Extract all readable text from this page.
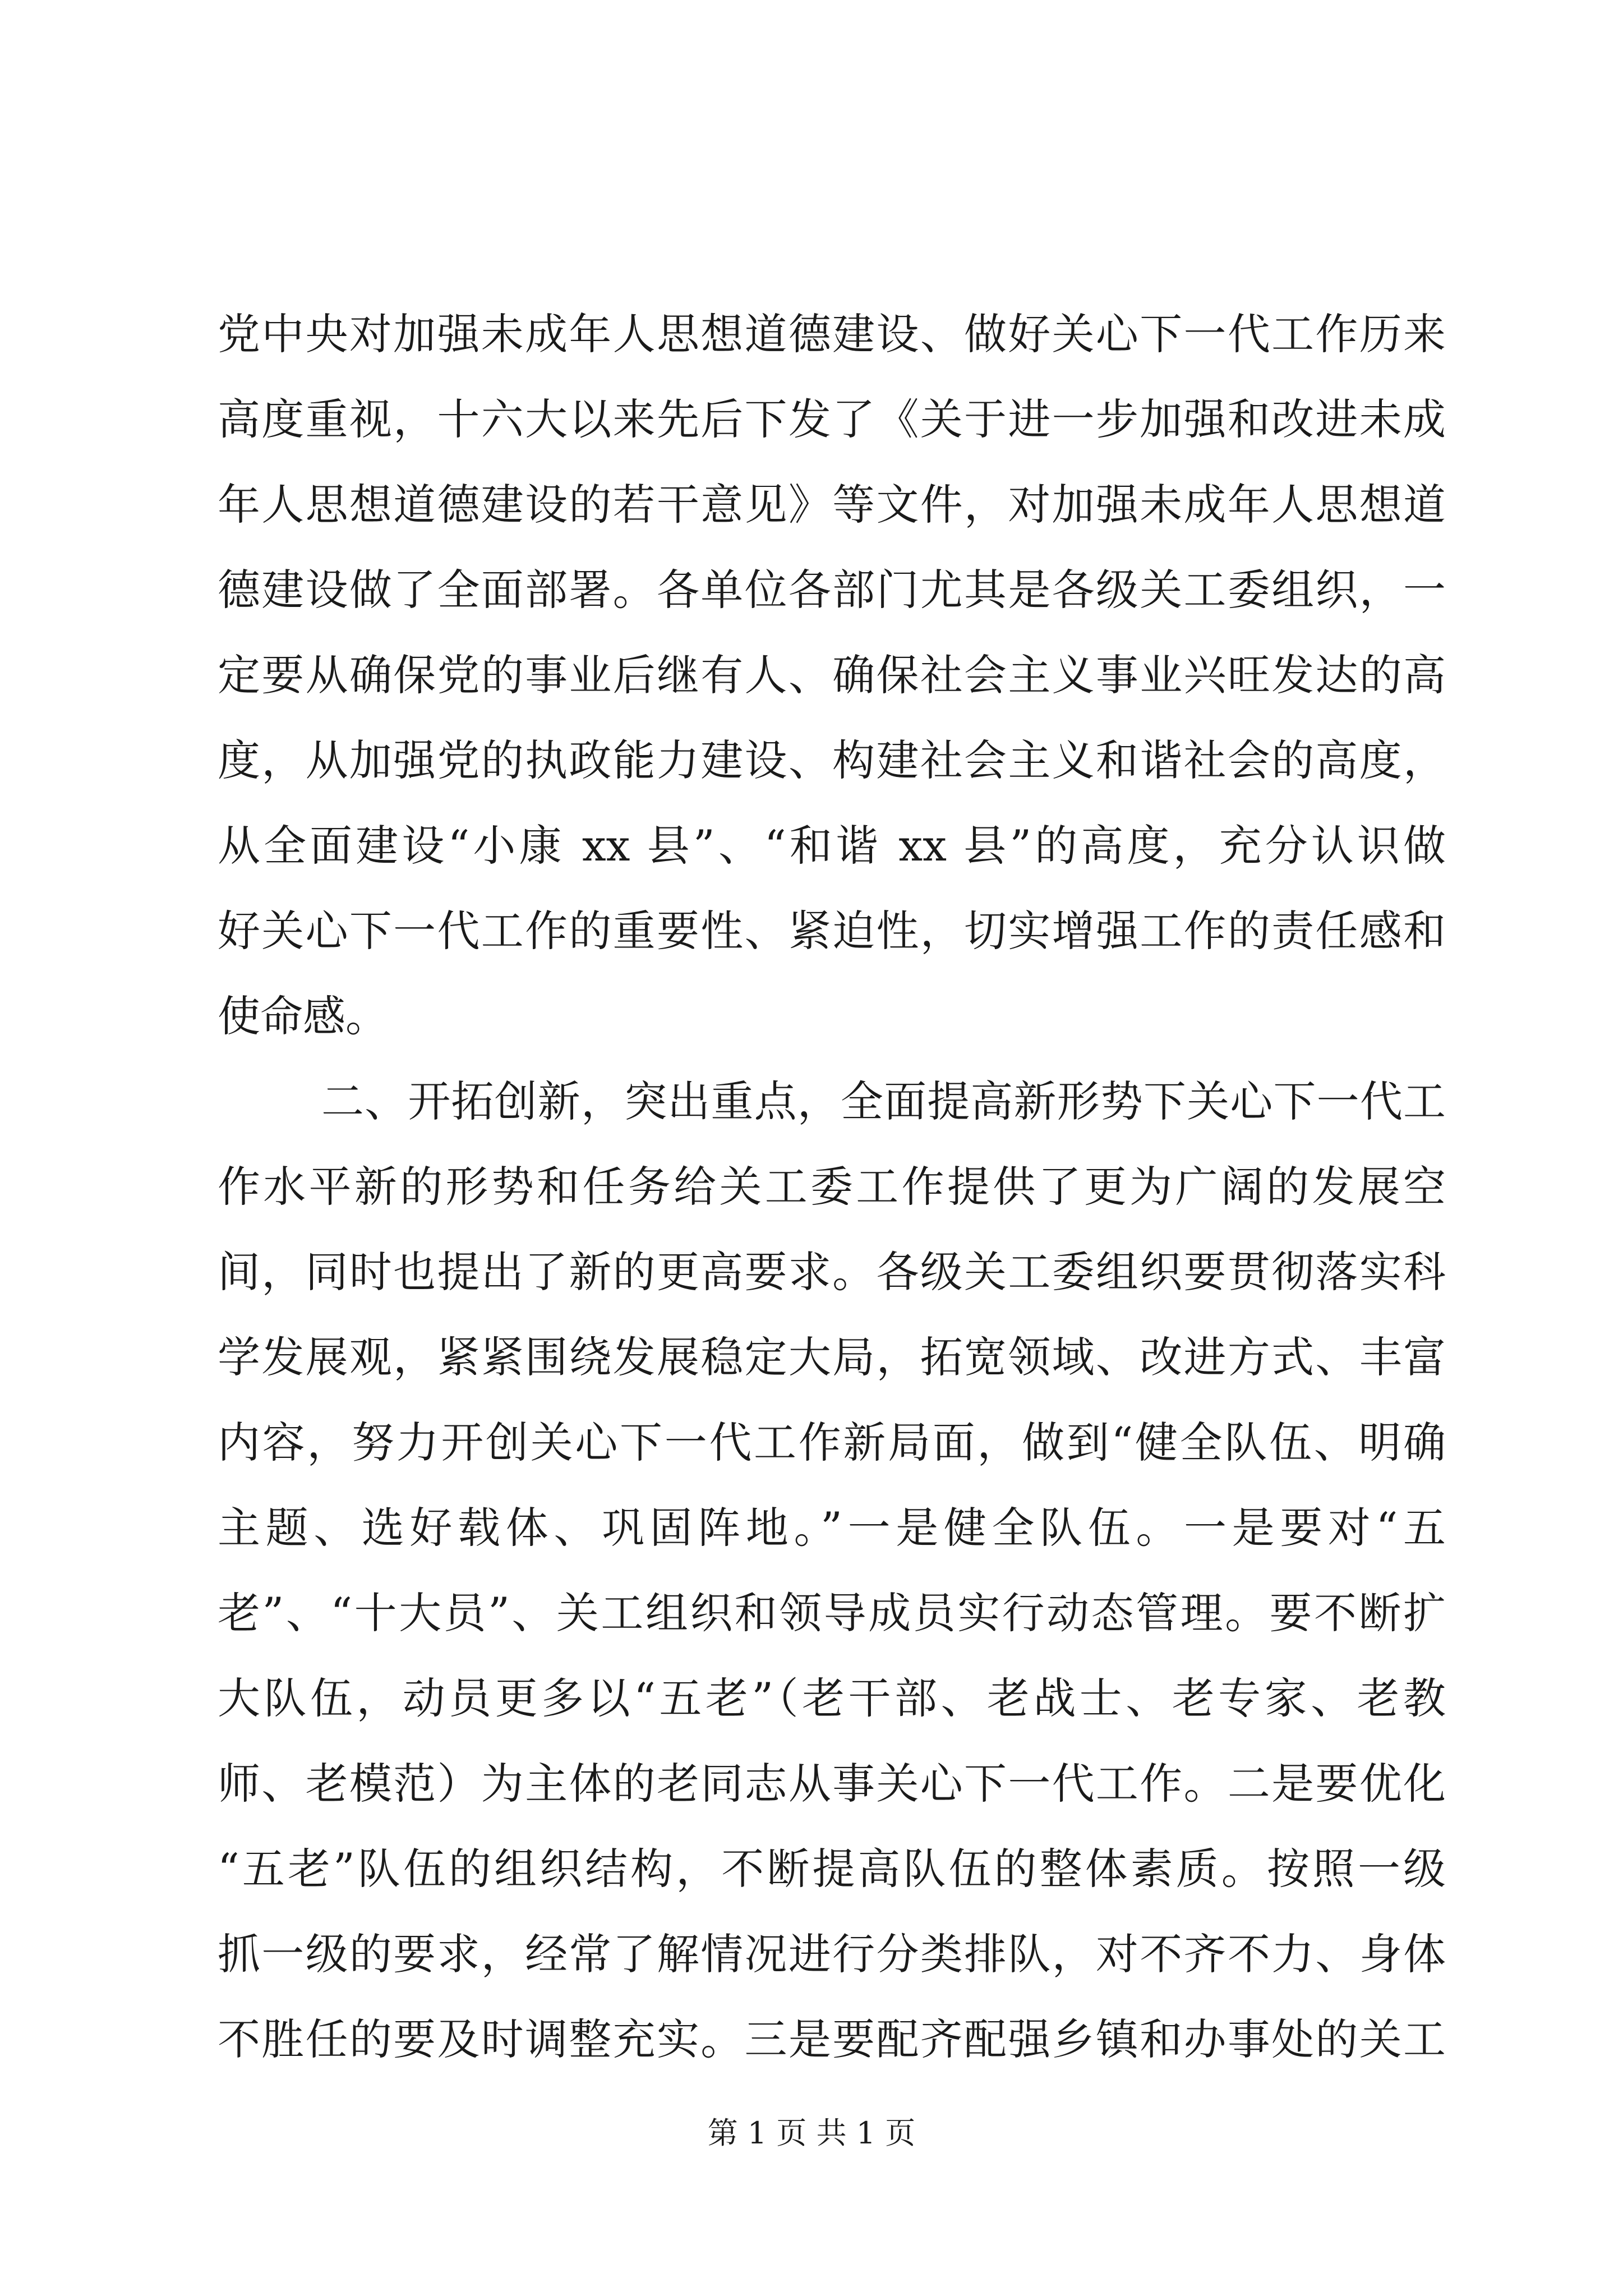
党中央对加强未成年人思想道德建设、做好关心下一代工作历来
高度重视，十六大以来先后下发了《关于进一步加强和改进未成
年人思想道德建设的若干意见》等文件，对加强未成年人思想道
德建设做了全面部署。各单位各部门尤其是各级关工委组织，一
定要从确保党的事业后继有人、确保社会主义事业兴旺发达的高
度，从加强党的执政能力建设、构建社会主义和谐社会的高度，
从全面建设“小康 xx 县”、“和谐 xx 县”的高度，充分认识做
好关心下一代工作的重要性、紧迫性，切实增强工作的责任感和
使命感。
二、开拓创新，突出重点，全面提高新形势下关心下一代工
作水平新的形势和任务给关工委工作提供了更为广阔的发展空
间，同时也提出了新的更高要求。各级关工委组织要贯彻落实科
学发展观，紧紧围绕发展稳定大局，拓宽领域、改进方式、丰富
内容，努力开创关心下一代工作新局面，做到“健全队伍、明确
主题、选好载体、巩固阵地。”一是健全队伍。一是要对“五
老”、“十大员”、关工组织和领导成员实行动态管理。要不断扩
大队伍，动员更多以“五老”（老干部、老战士、老专家、老教
师、老模范）为主体的老同志从事关心下一代工作。二是要优化
“五老”队伍的组织结构，不断提高队伍的整体素质。按照一级
抓一级的要求，经常了解情况进行分类排队，对不齐不力、身体
不胜任的要及时调整充实。三是要配齐配强乡镇和办事处的关工
第 1 页 共 1 页
